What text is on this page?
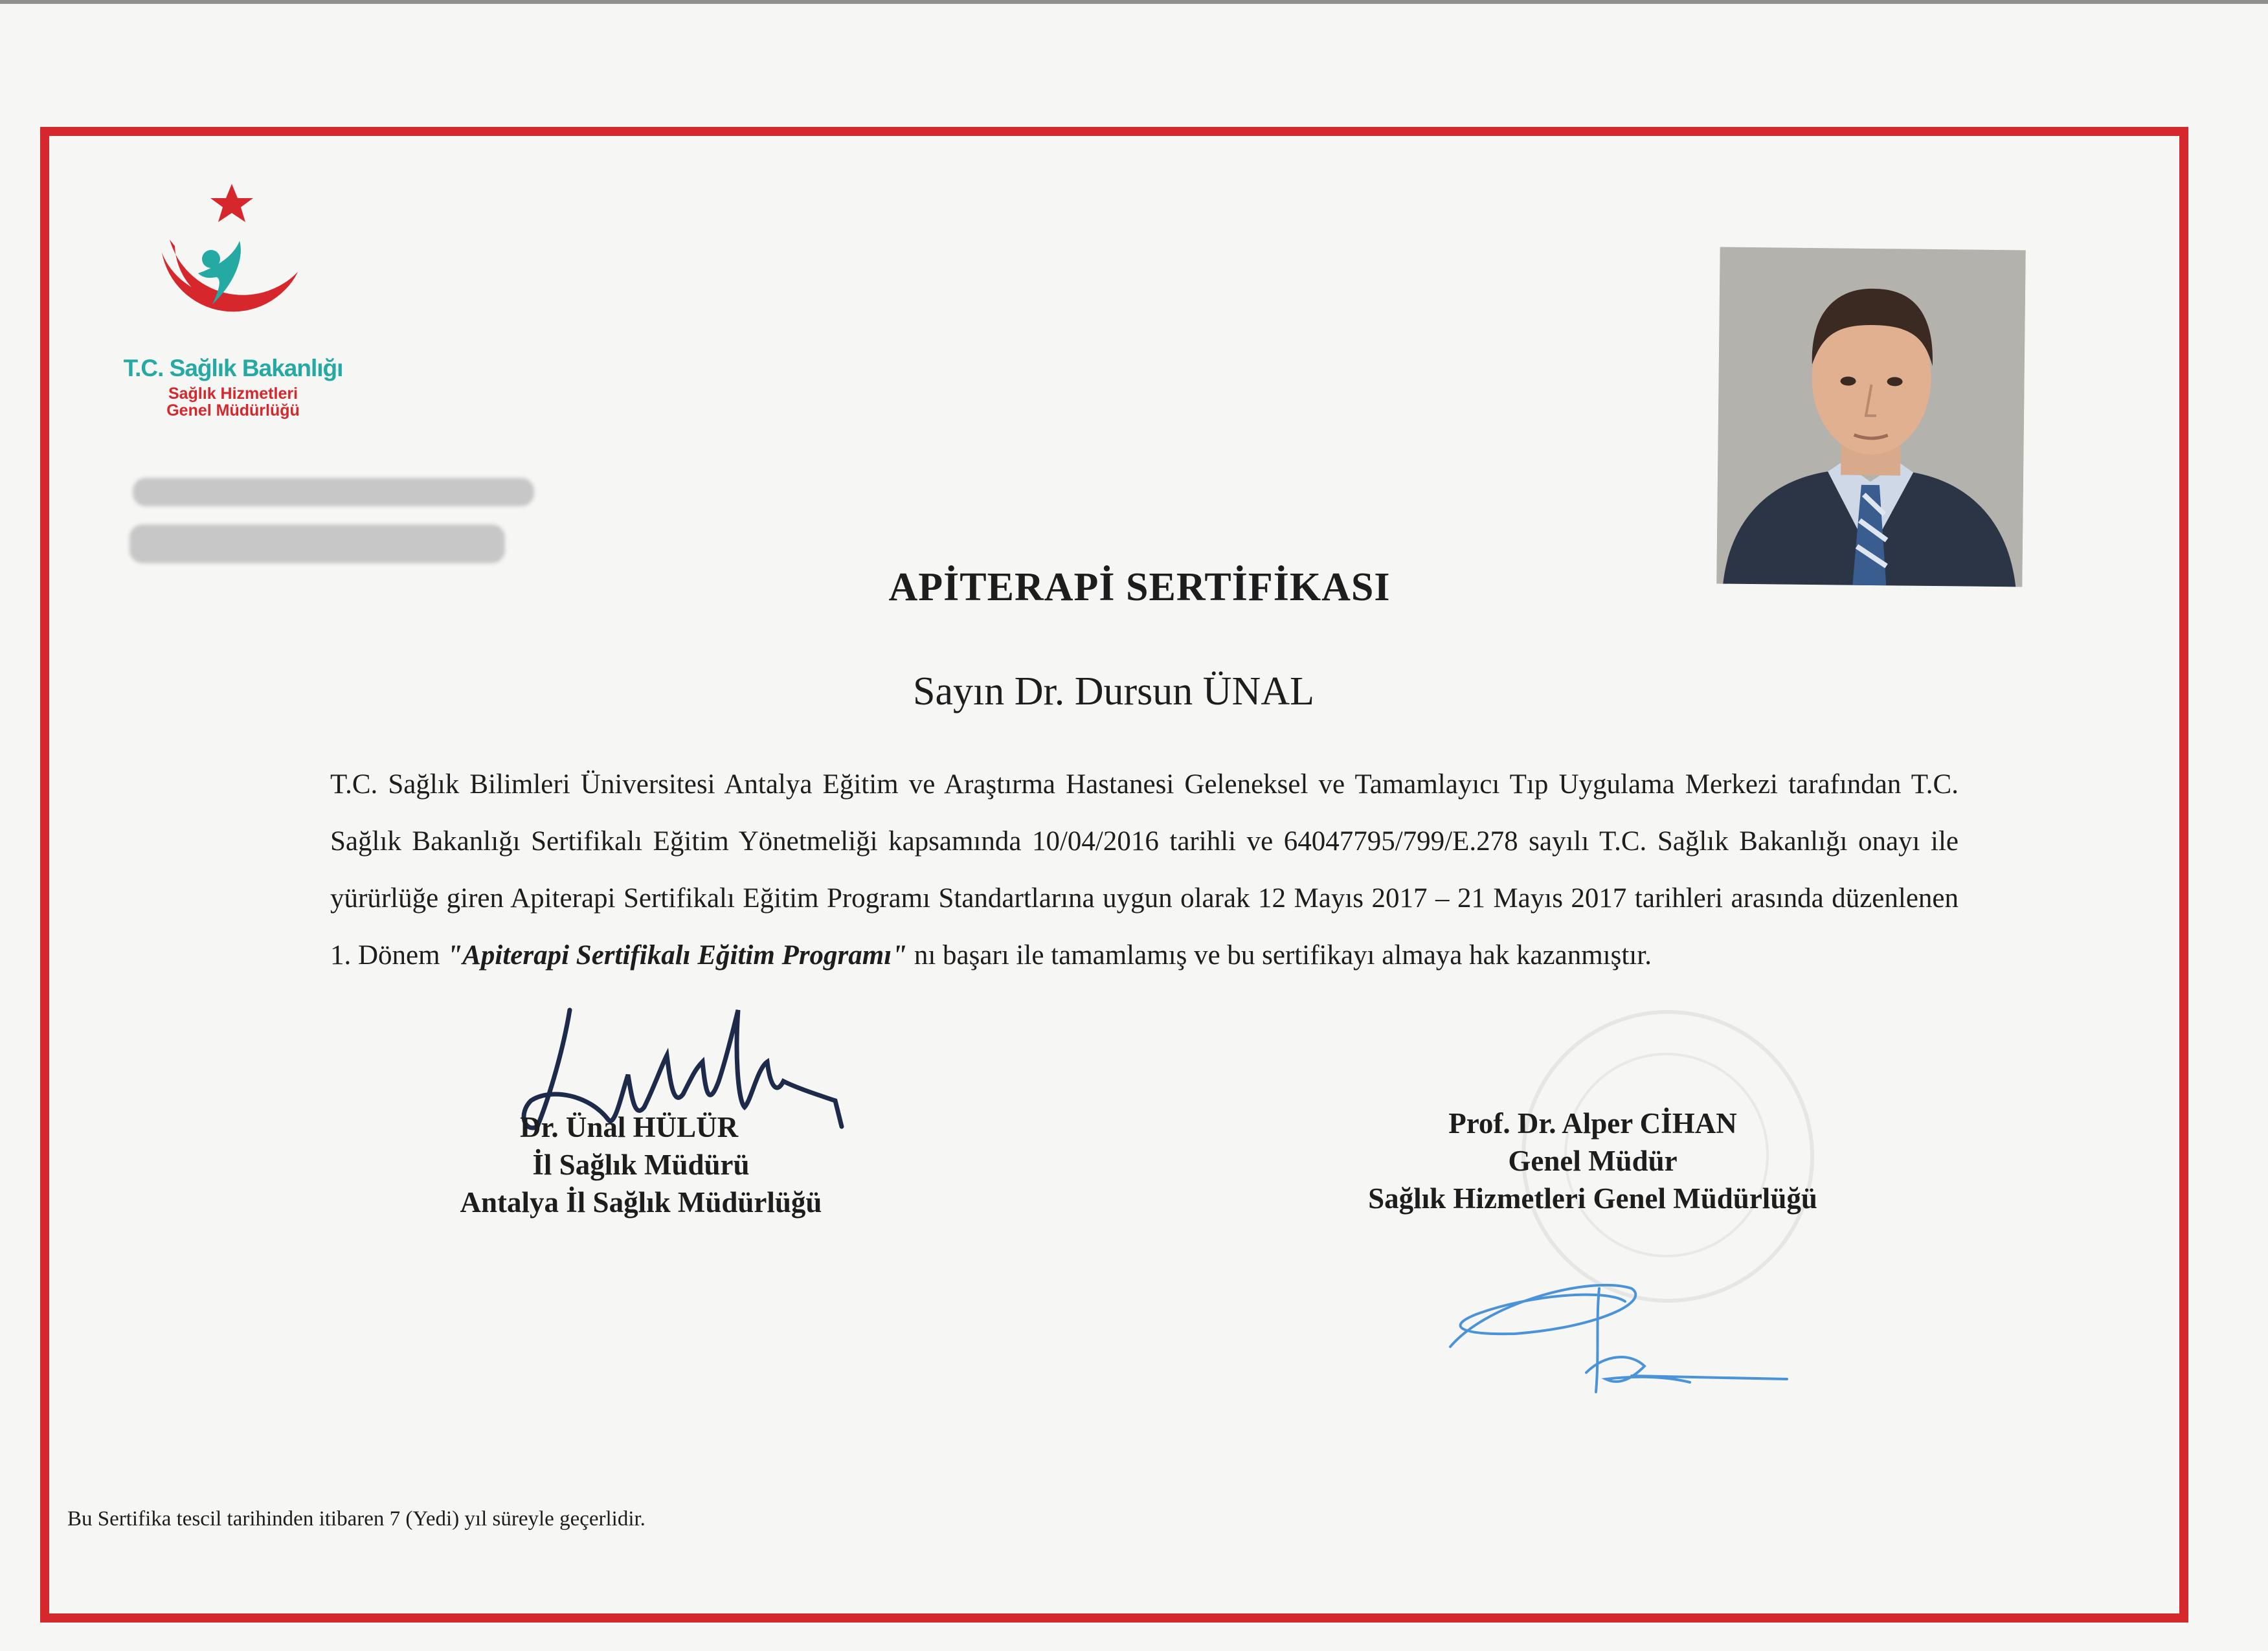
T.C. Sağlık Bakanlığı
Sağlık Hizmetleri
Genel Müdürlüğü
APİTERAPİ SERTİFİKASI
Sayın Dr. Dursun ÜNAL
T.C. Sağlık Bilimleri Üniversitesi Antalya Eğitim ve Araştırma Hastanesi Geleneksel ve Tamamlayıcı Tıp Uygulama Merkezi tarafından T.C. Sağlık Bakanlığı Sertifikalı Eğitim Yönetmeliği kapsamında 10/04/2016 tarihli ve 64047795/799/E.278 sayılı T.C. Sağlık Bakanlığı onayı ile yürürlüğe giren Apiterapi Sertifikalı Eğitim Programı Standartlarına uygun olarak 12 Mayıs 2017 – 21 Mayıs 2017 tarihleri arasında düzenlenen 1. Dönem "Apiterapi Sertifikalı Eğitim Programı" nı başarı ile tamamlamış ve bu sertifikayı almaya hak kazanmıştır.
Dr. Ünal HÜLÜR
İl Sağlık Müdürü
Antalya İl Sağlık Müdürlüğü
Prof. Dr. Alper CİHAN
Genel Müdür
Sağlık Hizmetleri Genel Müdürlüğü
Bu Sertifika tescil tarihinden itibaren 7 (Yedi) yıl süreyle geçerlidir.
